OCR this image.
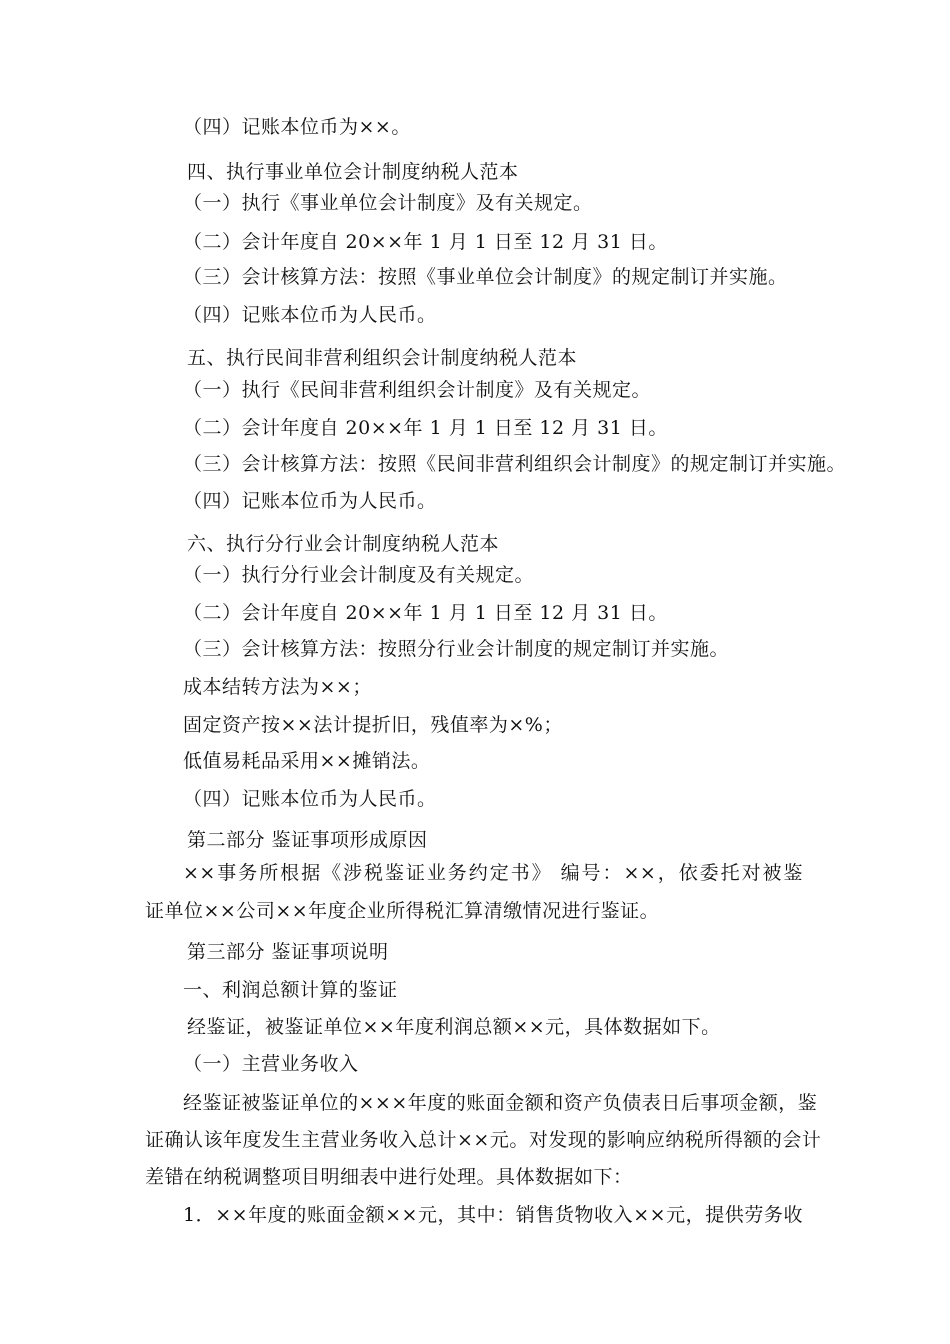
（四）记账本位币为××。
四、执行事业单位会计制度纳税人范本
（一）执行《事业单位会计制度》及有关规定。
（二）会计年度自 20××年 1 月 1 日至 12 月 31 日。
（三）会计核算方法：按照《事业单位会计制度》的规定制订并实施。
（四）记账本位币为人民币。
五、执行民间非营利组织会计制度纳税人范本
（一）执行《民间非营利组织会计制度》及有关规定。
（二）会计年度自 20××年 1 月 1 日至 12 月 31 日。
（三）会计核算方法：按照《民间非营利组织会计制度》的规定制订并实施。
（四）记账本位币为人民币。
六、执行分行业会计制度纳税人范本
（一）执行分行业会计制度及有关规定。
（二）会计年度自 20××年 1 月 1 日至 12 月 31 日。
（三）会计核算方法：按照分行业会计制度的规定制订并实施。
成本结转方法为××；
固定资产按××法计提折旧，残值率为×%；
低值易耗品采用××摊销法。
（四）记账本位币为人民币。
第二部分 鉴证事项形成原因
××事务所根据《涉税鉴证业务约定书》 编号：××，依委托对被鉴
证单位××公司××年度企业所得税汇算清缴情况进行鉴证。
第三部分 鉴证事项说明
一、利润总额计算的鉴证
经鉴证，被鉴证单位××年度利润总额××元，具体数据如下。
（一）主营业务收入
经鉴证被鉴证单位的×××年度的账面金额和资产负债表日后事项金额，鉴
证确认该年度发生主营业务收入总计××元。对发现的影响应纳税所得额的会计
差错在纳税调整项目明细表中进行处理。具体数据如下：
1．××年度的账面金额××元，其中：销售货物收入××元，提供劳务收
